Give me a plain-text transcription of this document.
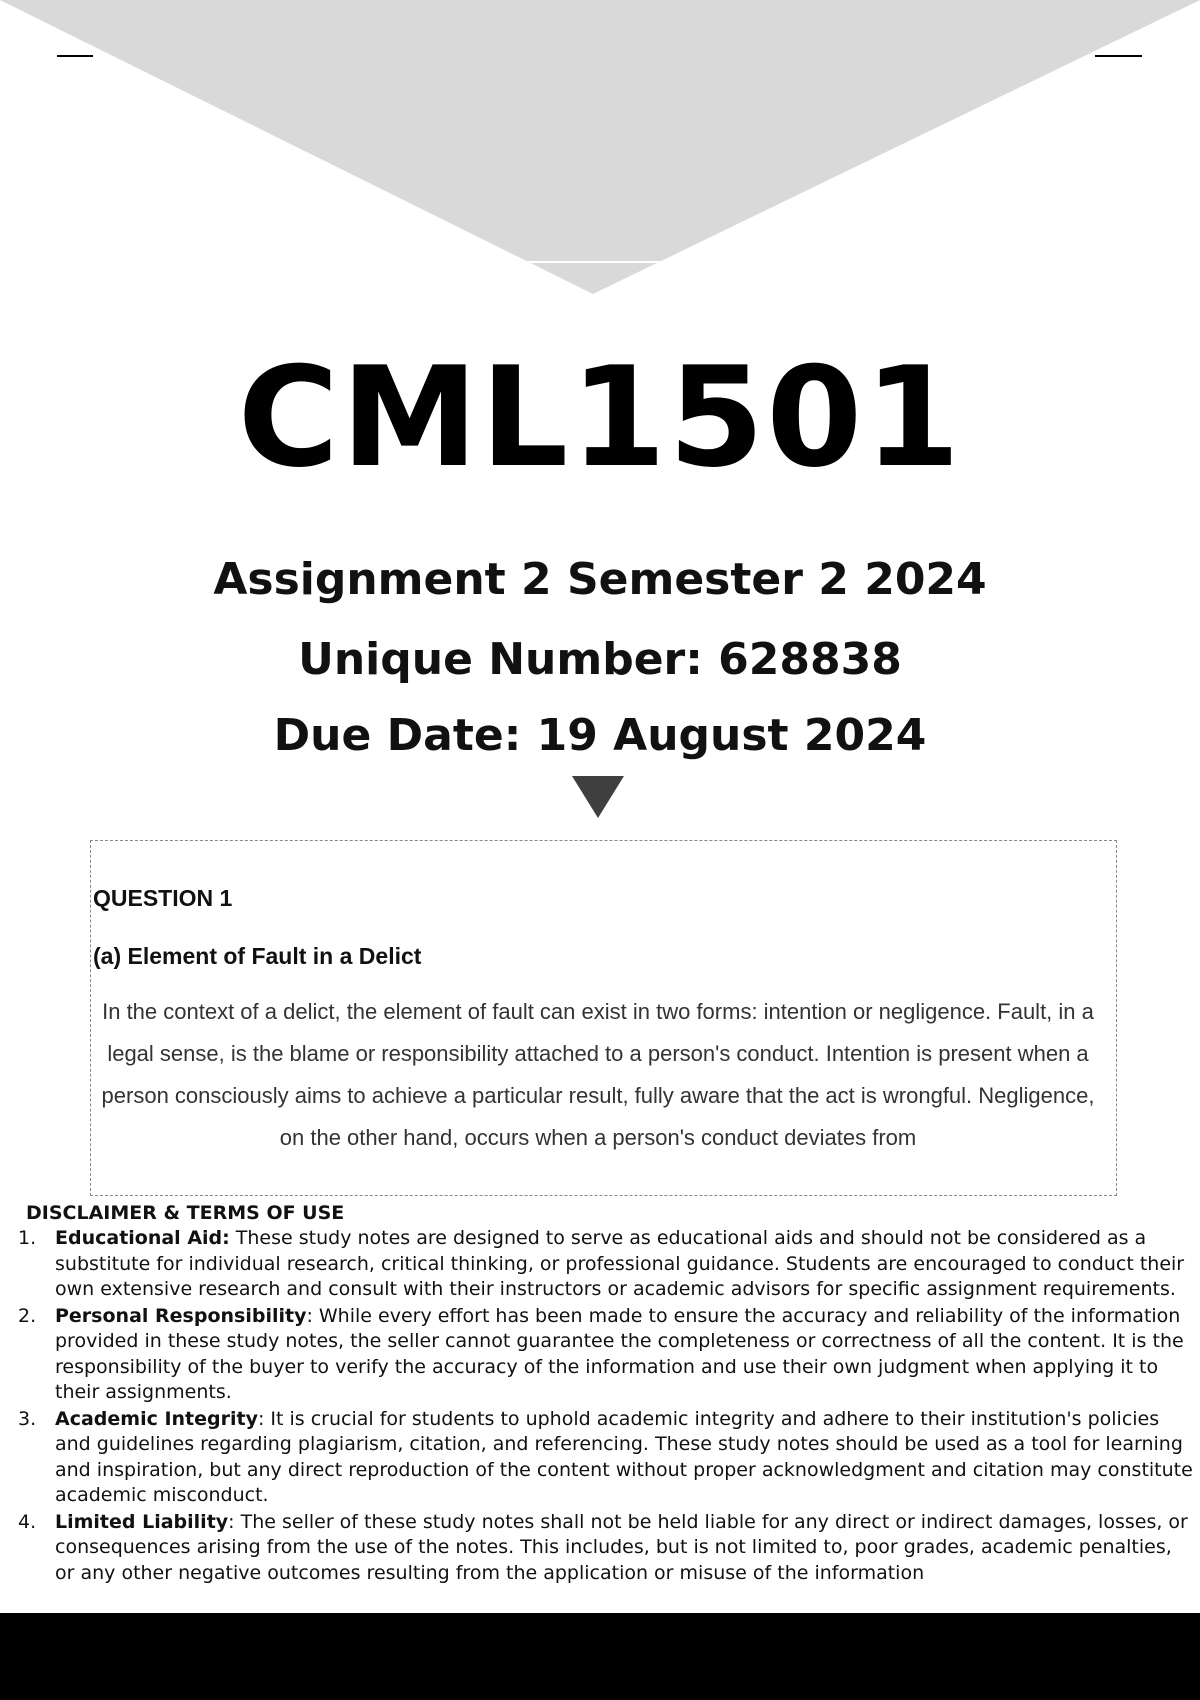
CML1501
Assignment 2 Semester 2 2024
Unique Number: 628838
Due Date: 19 August 2024
QUESTION 1
(a) Element of Fault in a Delict

In the context of a delict, the element of fault can exist in two forms: intention or negligence. Fault, in a legal sense, is the blame or responsibility attached to a person's conduct. Intention is present when a person consciously aims to achieve a particular result, fully aware that the act is wrongful. Negligence, on the other hand, occurs when a person's conduct deviates from

DISCLAIMER & TERMS OF USE
1. Educational Aid: These study notes are designed to serve as educational aids and should not be considered as a substitute for individual research, critical thinking, or professional guidance. Students are encouraged to conduct their own extensive research and consult with their instructors or academic advisors for specific assignment requirements.
2. Personal Responsibility: While every effort has been made to ensure the accuracy and reliability of the information provided in these study notes, the seller cannot guarantee the completeness or correctness of all the content. It is the responsibility of the buyer to verify the accuracy of the information and use their own judgment when applying it to their assignments.
3. Academic Integrity: It is crucial for students to uphold academic integrity and adhere to their institution's policies and guidelines regarding plagiarism, citation, and referencing. These study notes should be used as a tool for learning and inspiration, but any direct reproduction of the content without proper acknowledgment and citation may constitute academic misconduct.
4. Limited Liability: The seller of these study notes shall not be held liable for any direct or indirect damages, losses, or consequences arising from the use of the notes. This includes, but is not limited to, poor grades, academic penalties, or any other negative outcomes resulting from the application or misuse of the information
